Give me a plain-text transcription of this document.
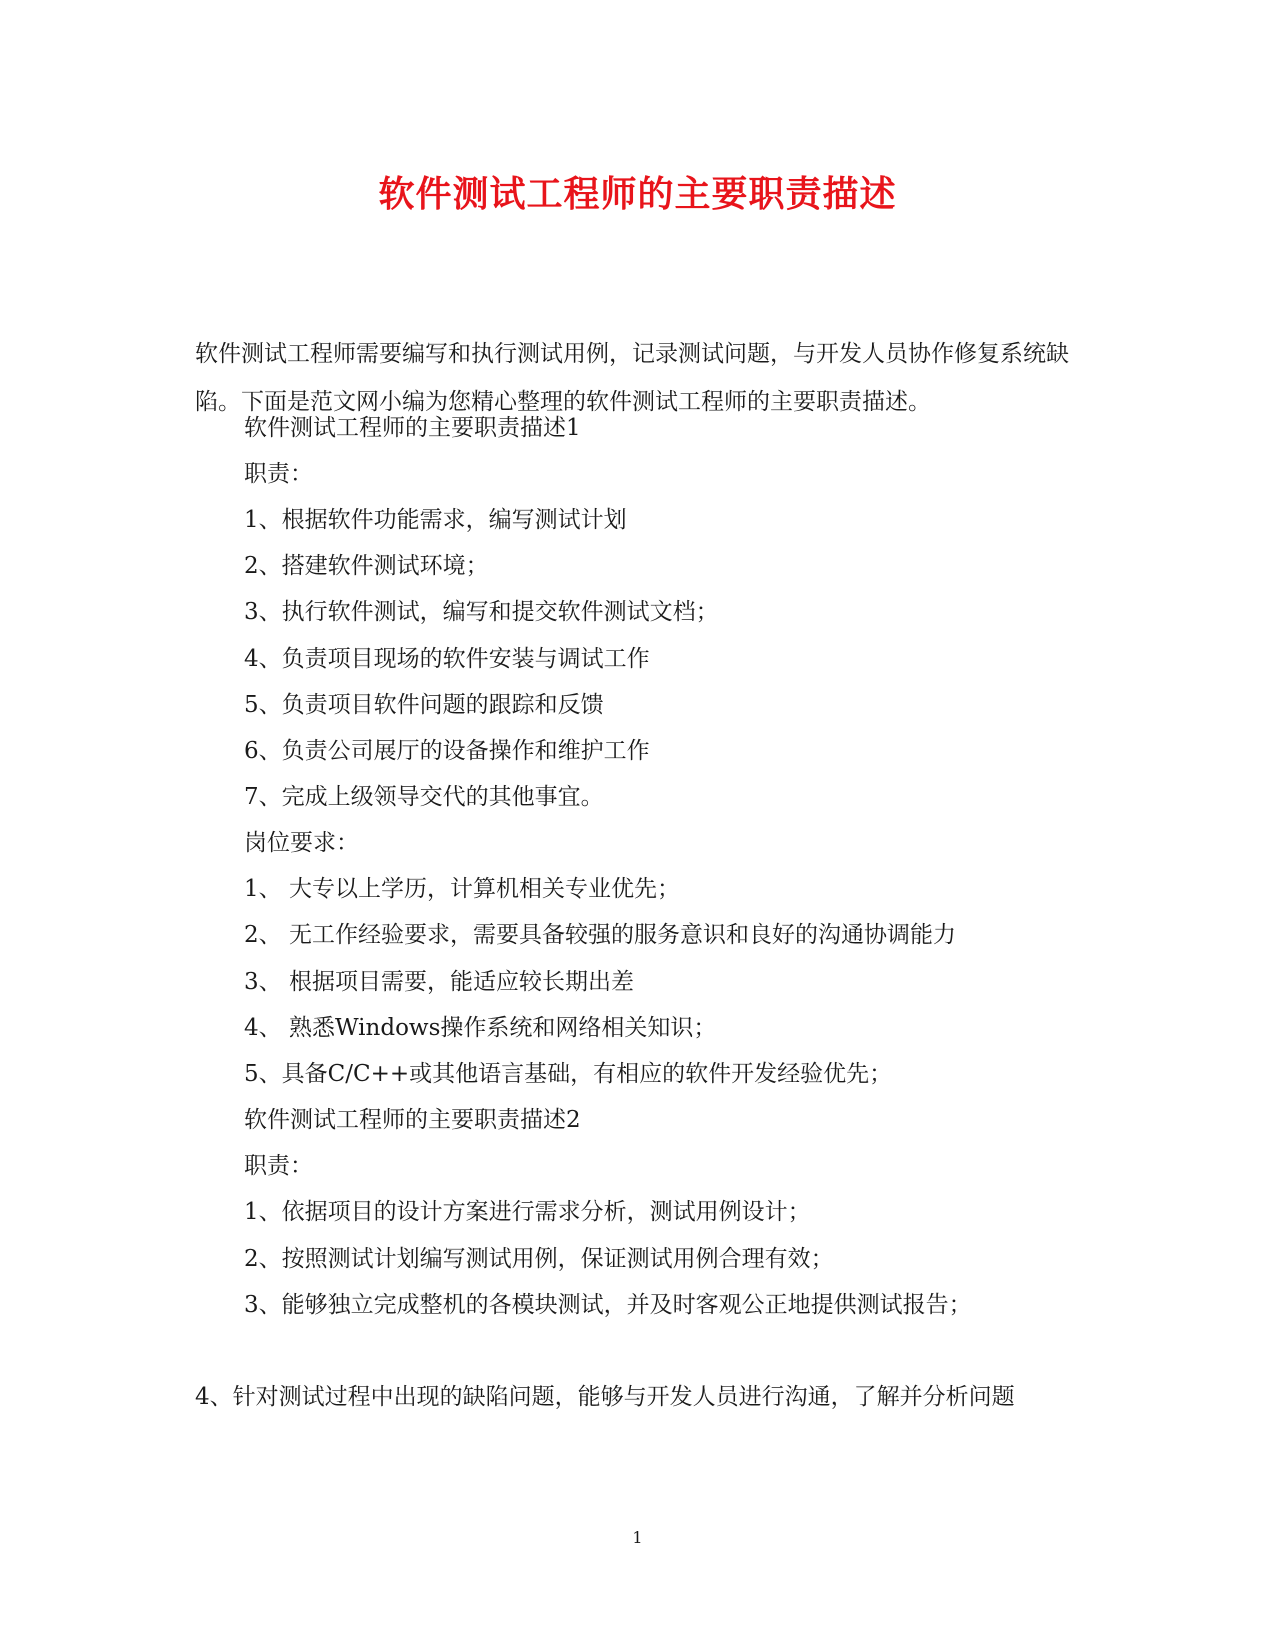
软件测试工程师的主要职责描述
软件测试工程师需要编写和执行测试用例，记录测试问题，与开发人员协作修复系统缺陷。下面是范文网小编为您精心整理的软件测试工程师的主要职责描述。
软件测试工程师的主要职责描述1
职责：
1、根据软件功能需求，编写测试计划
2、搭建软件测试环境；
3、执行软件测试，编写和提交软件测试文档；
4、负责项目现场的软件安装与调试工作
5、负责项目软件问题的跟踪和反馈
6、负责公司展厅的设备操作和维护工作
7、完成上级领导交代的其他事宜。
岗位要求：
1、 大专以上学历，计算机相关专业优先；
2、 无工作经验要求，需要具备较强的服务意识和良好的沟通协调能力
3、 根据项目需要，能适应较长期出差
4、 熟悉Windows操作系统和网络相关知识；
5、具备C/C++或其他语言基础，有相应的软件开发经验优先；
软件测试工程师的主要职责描述2
职责：
1、依据项目的设计方案进行需求分析，测试用例设计；
2、按照测试计划编写测试用例，保证测试用例合理有效；
3、能够独立完成整机的各模块测试，并及时客观公正地提供测试报告；
4、针对测试过程中出现的缺陷问题，能够与开发人员进行沟通，了解并分析问题
1
